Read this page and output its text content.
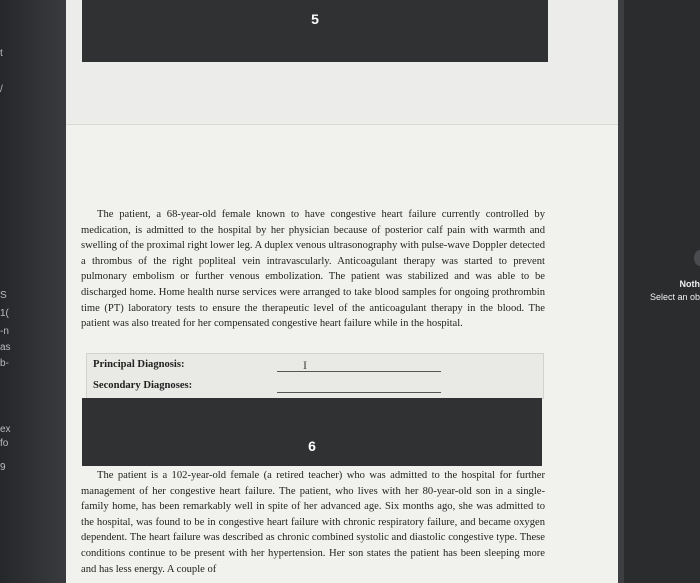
t
/
S
1(
-n
as
b-
ex
fo
9
5

The patient, a 68-year-old female known to have congestive heart failure currently controlled by medication, is admitted to the hospital by her physician because of posterior calf pain with warmth and swelling of the proximal right lower leg. A duplex venous ultrasonography with pulse-wave Doppler detected a thrombus of the right popliteal vein intravascularly. Anticoagulant therapy was started to prevent pulmonary embolism or further venous embolization. The patient was stabilized and was able to be discharged home. Home health nurse services were arranged to take blood samples for ongoing prothrombin time (PT) laboratory tests to ensure the therapeutic level of the anticoagulant therapy in the blood. The patient was also treated for her compensated congestive heart failure while in the hospital.

Principal Diagnosis:	I
Secondary Diagnoses:
6

The patient is a 102-year-old female (a retired teacher) who was admitted to the hospital for further management of her congestive heart failure. The patient, who lives with her 80-year-old son in a single-family home, has been remarkably well in spite of her advanced age. Six months ago, she was admitted to the hospital, was found to be in congestive heart failure with chronic respiratory failure, and became oxygen dependent. The heart failure was described as chronic combined systolic and diastolic congestive type. These conditions continue to be present with her hypertension. Her son states the patient has been sleeping more and has less energy. A couple of

Noth
Select an ob
